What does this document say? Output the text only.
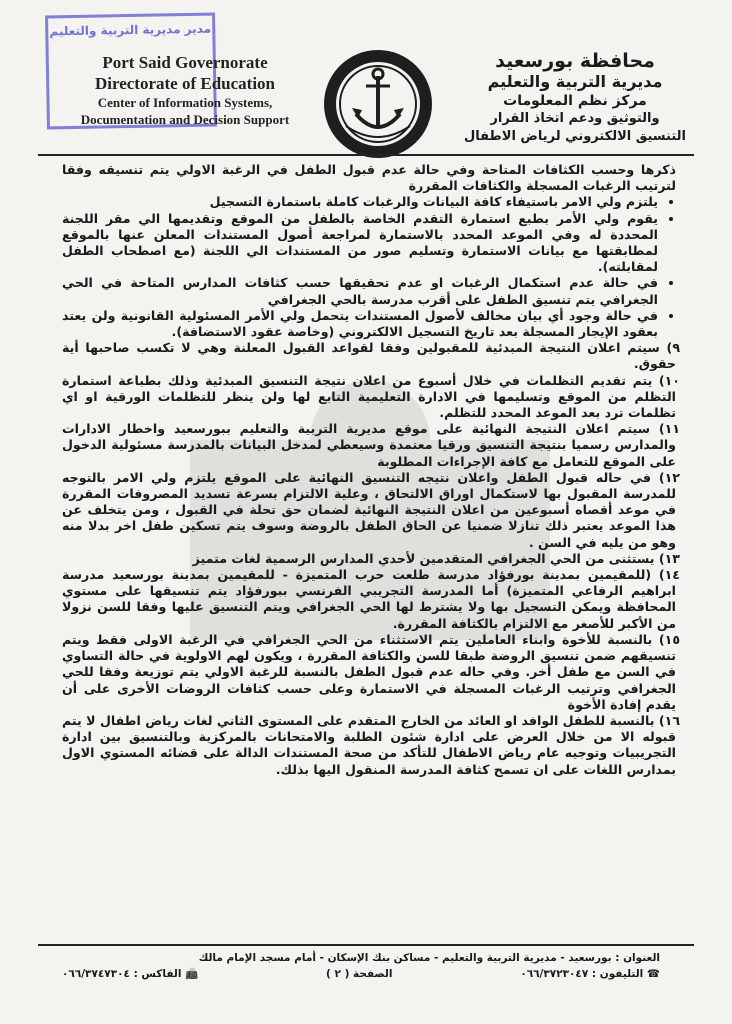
مدير مديرية التربية والتعليم
Port Said Governorate
Directorate of Education
Center of Information Systems,
Documentation and Decision Support
محافظة بورسعيد
مديرية التربية والتعليم
مركز نظم المعلومات
والتوثيق ودعم اتخاذ القرار
التنسيق الالكتروني لرياض الاطفال

ذكرها وحسب الكثافات المتاحة وفي حالة عدم قبول الطفل في الرغبة الاولي يتم تنسيقه وفقا لترتيب الرغبات المسجلة والكثافات المقررة

• يلتزم ولي الامر باستيفاء كافة البيانات والرغبات كاملة باستمارة التسجيل
• يقوم ولي الأمر بطبع استمارة التقدم الخاصة بالطفل من الموقع وتقديمها الي مقر اللجنة المحددة له وفي الموعد المحدد بالاستمارة لمراجعة أصول المستندات المعلن عنها بالموقع لمطابقتها مع بيانات الاستمارة وتسليم صور من المستندات الي اللجنة (مع اصطحاب الطفل لمقابلته).
• في حالة عدم استكمال الرغبات او عدم تحقيقها حسب كثافات المدارس المتاحة في الحي الجغرافي يتم تنسيق الطفل على أقرب مدرسة بالحي الجغرافي
• في حالة وجود أي بيان مخالف لأصول المستندات يتحمل ولي الأمر المسئولية القانونية ولن يعتد بعقود الإيجار المسجلة بعد تاريخ التسجيل الالكتروني (وخاصة عقود الاستضافة).

٩) سيتم اعلان النتيجة المبدئية للمقبولين وفقا لقواعد القبول المعلنة وهي لا تكسب صاحبها أية حقوق.

١٠) يتم تقديم التظلمات في خلال أسبوع من اعلان نتيجة التنسيق المبدئية وذلك بطباعة استمارة التظلم من الموقع وتسليمها في الادارة التعليمية التابع لها ولن ينظر للتظلمات الورقية او اي تظلمات ترد بعد الموعد المحدد للتظلم.

١١) سيتم اعلان النتيجة النهائية على موقع مديرية التربية والتعليم ببورسعيد واخطار الادارات والمدارس رسميا بنتيجة التنسيق ورقيا معتمدة وسيعطي لمدخل البيانات بالمدرسة مسئولية الدخول على الموقع للتعامل مع كافة الإجراءات المطلوبة

١٢) في حاله قبول الطفل واعلان نتيجه التنسيق النهائية على الموقع يلتزم ولي الامر بالتوجه للمدرسة المقبول بها لاستكمال اوراق الالتحاق ، وعلية الالتزام بسرعة تسديد المصروفات المقررة في موعد أقصاه أسبوعين من اعلان النتيجة النهائية لضمان حق تحلة في القبول ، ومن يتخلف عن هذا الموعد يعتبر ذلك تنازلا ضمنيا عن الحاق الطفل بالروضة وسوف يتم تسكين طفل اخر بدلا منه وهو من يليه في السن .

١٣) يستثنى من الحي الجغرافي المتقدمين لأحدي المدارس الرسمية لغات متميز

١٤) (للمقيمين بمدينة بورفؤاد مدرسة طلعت حرب المتميزة - للمقيمين بمدينة بورسعيد مدرسة ابراهيم الرفاعي المتميزة) أما المدرسة التجريبي الفرنسي ببورفؤاد يتم تنسيقها على مستوي المحافظة ويمكن التسجيل بها ولا يشترط لها الحي الجغرافي ويتم التنسيق عليها وفقا للسن نزولا من الأكبر للأصغر مع الالتزام بالكثافة المقررة.

١٥) بالنسبة للأخوة وابناء العاملين يتم الاستثناء من الحي الجغرافي في الرغبة الاولى فقط ويتم تنسيقهم ضمن تنسيق الروضة طبقا للسن والكثافة المقررة ، ويكون لهم الاولوية في حالة التساوي في السن مع طفل أخر. وفي حاله عدم قبول الطفل بالنسبة للرغبة الاولي يتم توزيعة وفقا للحي الجغرافي وترتيب الرغبات المسجلة في الاستمارة وعلى حسب كثافات الروضات الأخرى على أن يقدم إفادة الأخوة

١٦) بالنسبة للطفل الوافد او العائد من الخارج المتقدم على المستوى الثاني لغات رياض اطفال لا يتم قبوله الا من خلال العرض على ادارة شئون الطلبة والامتحانات بالمركزية وبالتنسيق بين ادارة التجريبيات وتوجيه عام رياض الاطفال للتأكد من صحة المستندات الدالة على قضائه المستوي الاول بمدارس اللغات على ان تسمح كثافة المدرسة المنقول اليها بذلك.

العنوان : بورسعيد - مديرية التربية والتعليم - مساكن بنك الإسكان - أمام مسجد الإمام مالك
☎ التليفون : ٠٦٦/٣٧٢٣٠٤٧
الصفحة ( ٢ )
📠 الفاكس : ٠٦٦/٣٧٤٧٣٠٤
